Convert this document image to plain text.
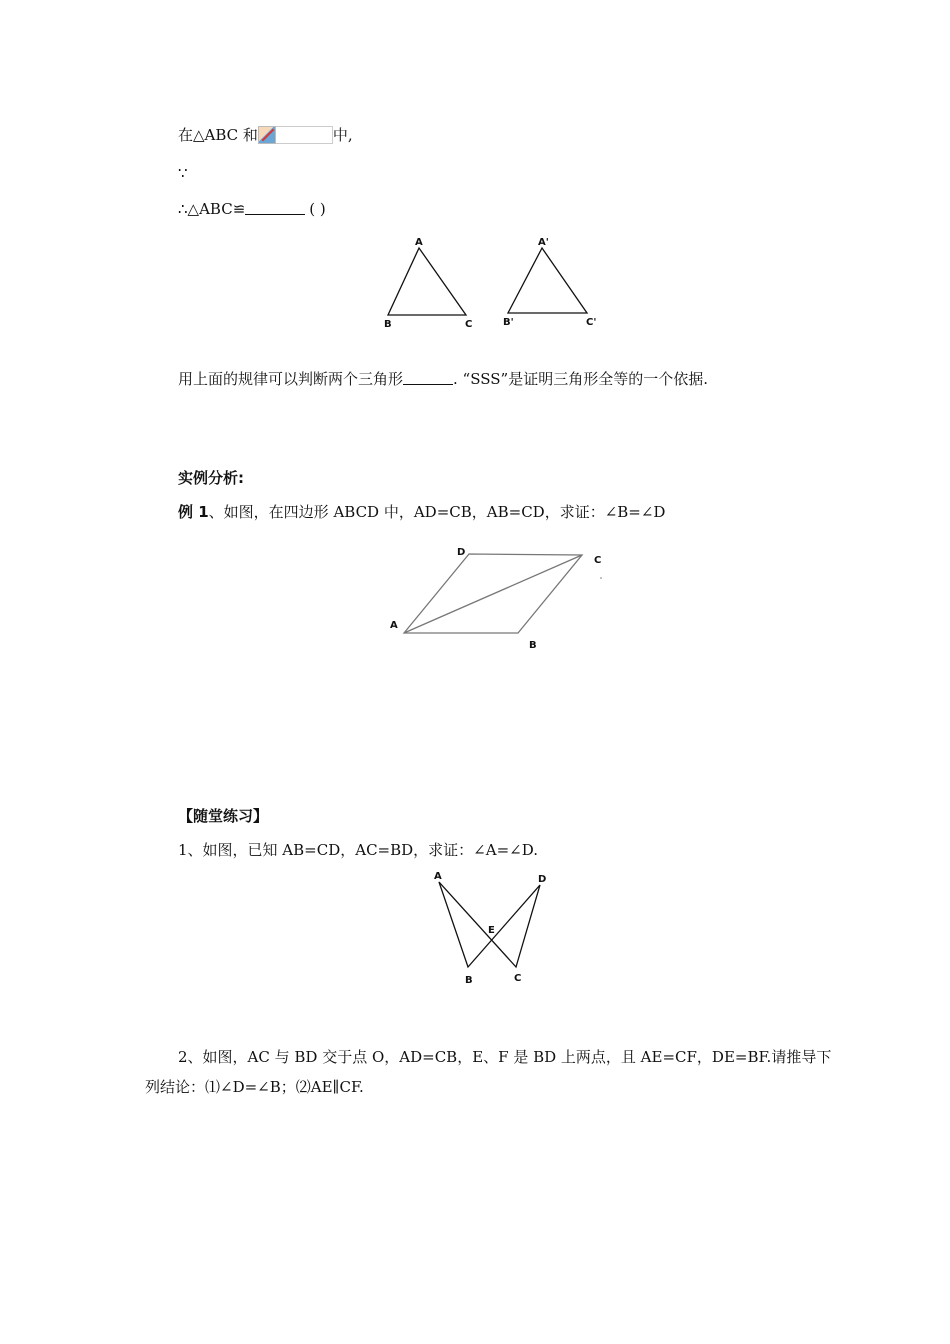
在△ABC 和	中,
∵
∴△ABC≌	( )
A
B	C
A'
B'	C'
用上面的规律可以判断两个三角形	. “SSS”是证明三角形全等的一个依据.
实例分析:
例 1、如图，在四边形 ABCD 中，AD=CB，AB=CD，求证：∠B=∠D
D
C
A
B
【随堂练习】
1、如图，已知 AB=CD，AC=BD，求证：∠A=∠D.
A	D
E
B	C
2、如图，AC 与 BD 交于点 O，AD=CB，E、F 是 BD 上两点，且 AE=CF，DE=BF.请推导下
列结论：⑴∠D=∠B；⑵AE∥CF.
